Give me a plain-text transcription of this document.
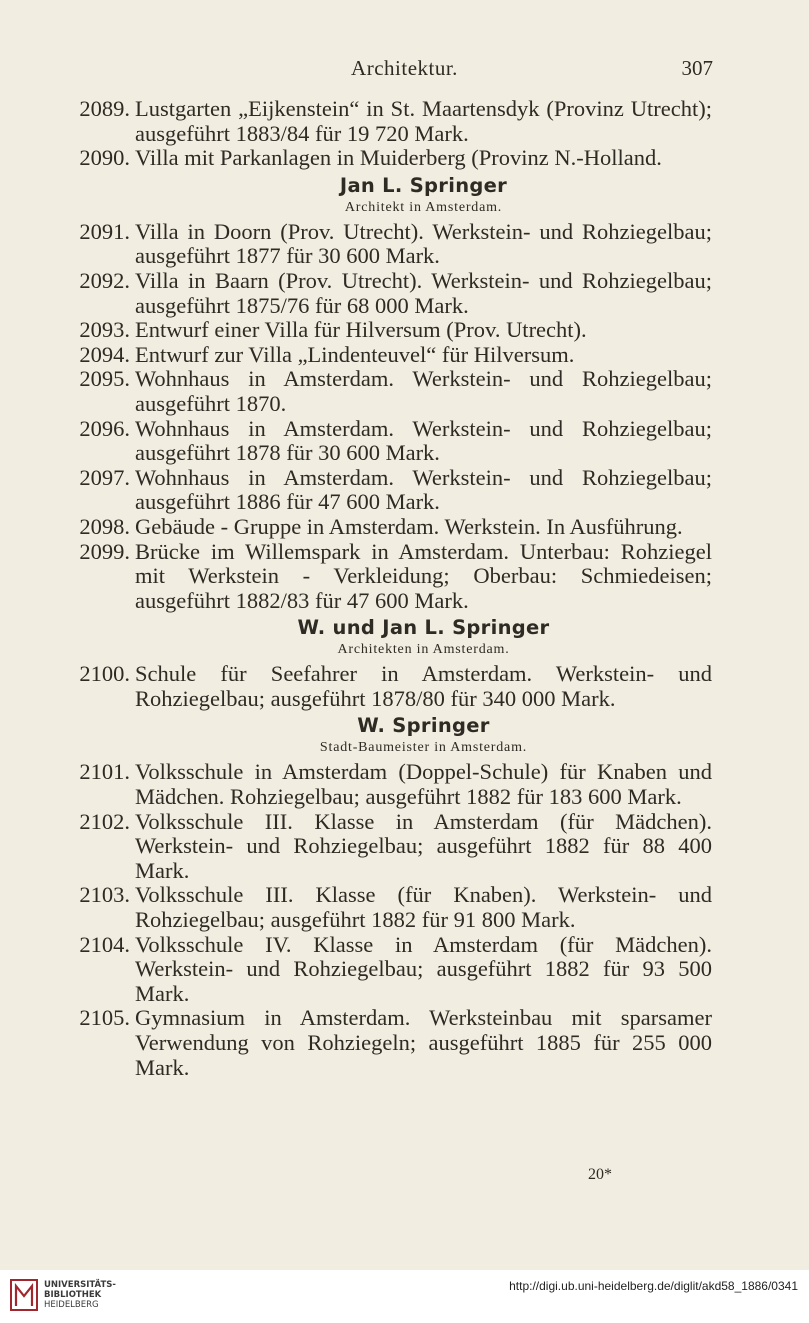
Architektur.	307
2089. Lustgarten „Eijkenstein“ in St. Maartensdyk (Provinz Utrecht); ausgeführt 1883/84 für 19 720 Mark.
2090. Villa mit Parkanlagen in Muiderberg (Provinz N.-Holland.
Jan L. Springer
Architekt in Amsterdam.
2091. Villa in Doorn (Prov. Utrecht). Werkstein- und Rohziegelbau; ausgeführt 1877 für 30 600 Mark.
2092. Villa in Baarn (Prov. Utrecht). Werkstein- und Rohziegelbau; ausgeführt 1875/76 für 68 000 Mark.
2093. Entwurf einer Villa für Hilversum (Prov. Utrecht).
2094. Entwurf zur Villa „Lindenteuvel“ für Hilversum.
2095. Wohnhaus in Amsterdam. Werkstein- und Rohziegelbau; ausgeführt 1870.
2096. Wohnhaus in Amsterdam. Werkstein- und Rohziegelbau; ausgeführt 1878 für 30 600 Mark.
2097. Wohnhaus in Amsterdam. Werkstein- und Rohziegelbau; ausgeführt 1886 für 47 600 Mark.
2098. Gebäude - Gruppe in Amsterdam. Werkstein. In Ausführung.
2099. Brücke im Willemspark in Amsterdam. Unterbau: Rohziegel mit Werkstein - Verkleidung; Oberbau: Schmiedeisen; ausgeführt 1882/83 für 47 600 Mark.
W. und Jan L. Springer
Architekten in Amsterdam.
2100. Schule für Seefahrer in Amsterdam. Werkstein- und Rohziegelbau; ausgeführt 1878/80 für 340 000 Mark.
W. Springer
Stadt-Baumeister in Amsterdam.
2101. Volksschule in Amsterdam (Doppel-Schule) für Knaben und Mädchen. Rohziegelbau; ausgeführt 1882 für 183 600 Mark.
2102. Volksschule III. Klasse in Amsterdam (für Mädchen). Werkstein- und Rohziegelbau; ausgeführt 1882 für 88 400 Mark.
2103. Volksschule III. Klasse (für Knaben). Werkstein- und Rohziegelbau; ausgeführt 1882 für 91 800 Mark.
2104. Volksschule IV. Klasse in Amsterdam (für Mädchen). Werkstein- und Rohziegelbau; ausgeführt 1882 für 93 500 Mark.
2105. Gymnasium in Amsterdam. Werksteinbau mit sparsamer Verwendung von Rohziegeln; ausgeführt 1885 für 255 000 Mark.
20*
UNIVERSITÄTS-
BIBLIOTHEK
HEIDELBERG
http://digi.ub.uni-heidelberg.de/diglit/akd58_1886/0341
